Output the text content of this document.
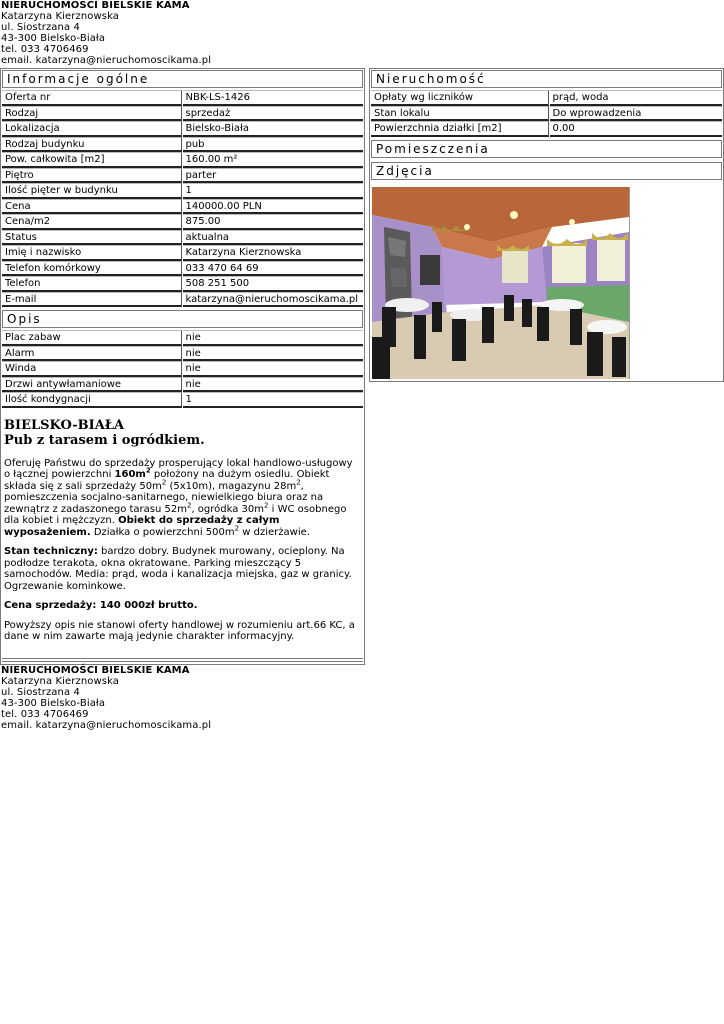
NIERUCHOMOŚCI BIELSKIE KAMA
Katarzyna Kierznowska
ul. Siostrzana 4
43-300 Bielsko-Biała
tel. 033 4706469
email. katarzyna@nieruchomoscikama.pl
Informacje ogólne
Oferta nr	NBK-LS-1426
Rodzaj	sprzedaż
Lokalizacja	Bielsko-Biała
Rodzaj budynku	pub
Pow. całkowita [m2]	160.00 m²
Piętro	parter
Ilość pięter w budynku	1
Cena	140000.00 PLN
Cena/m2	875.00
Status	aktualna
Imię i nazwisko	Katarzyna Kierznowska
Telefon komórkowy	033 470 64 69
Telefon	508 251 500
E-mail	katarzyna@nieruchomoscikama.pl
Opis
Plac zabaw	nie
Alarm	nie
Winda	nie
Drzwi antywłamaniowe	nie
Ilość kondygnacji	1
BIELSKO-BIAŁA
Pub z tarasem i ogródkiem.

Oferuję Państwu do sprzedaży prosperujący lokal handlowo-usługowy o łącznej powierzchni $160m^2$ położony na dużym osiedlu. Obiekt składa się z sali sprzedaży $50m^2$ (5x10m), magazynu $28m^2$, pomieszczenia socjalno-sanitarnego, niewielkiego biura oraz na zewnątrz z zadaszonego tarasu $52m^2$, ogródka $30m^2$ i WC osobnego dla kobiet i mężczyzn. Obiekt do sprzedaży z całym wyposażeniem. Działka o powierzchni $500m^2$ w dzierżawie.

Stan techniczny: bardzo dobry. Budynek murowany, ocieplony. Na podłodze terakota, okna okratowane. Parking mieszczący 5 samochodów. Media: prąd, woda i kanalizacja miejska, gaz w granicy. Ogrzewanie kominkowe.

Cena sprzedaży: 140 000zł brutto.

Powyższy opis nie stanowi oferty handlowej w rozumieniu art.66 KC, a dane w nim zawarte mają jedynie charakter informacyjny.

Nieruchomość
Opłaty wg liczników	prąd, woda
Stan lokalu	Do wprowadzenia
Powierzchnia działki [m2]	0.00
Pomieszczenia
Zdjęcia
NIERUCHOMOŚCI BIELSKIE KAMA
Katarzyna Kierznowska
ul. Siostrzana 4
43-300 Bielsko-Biała
tel. 033 4706469
email. katarzyna@nieruchomoscikama.pl
